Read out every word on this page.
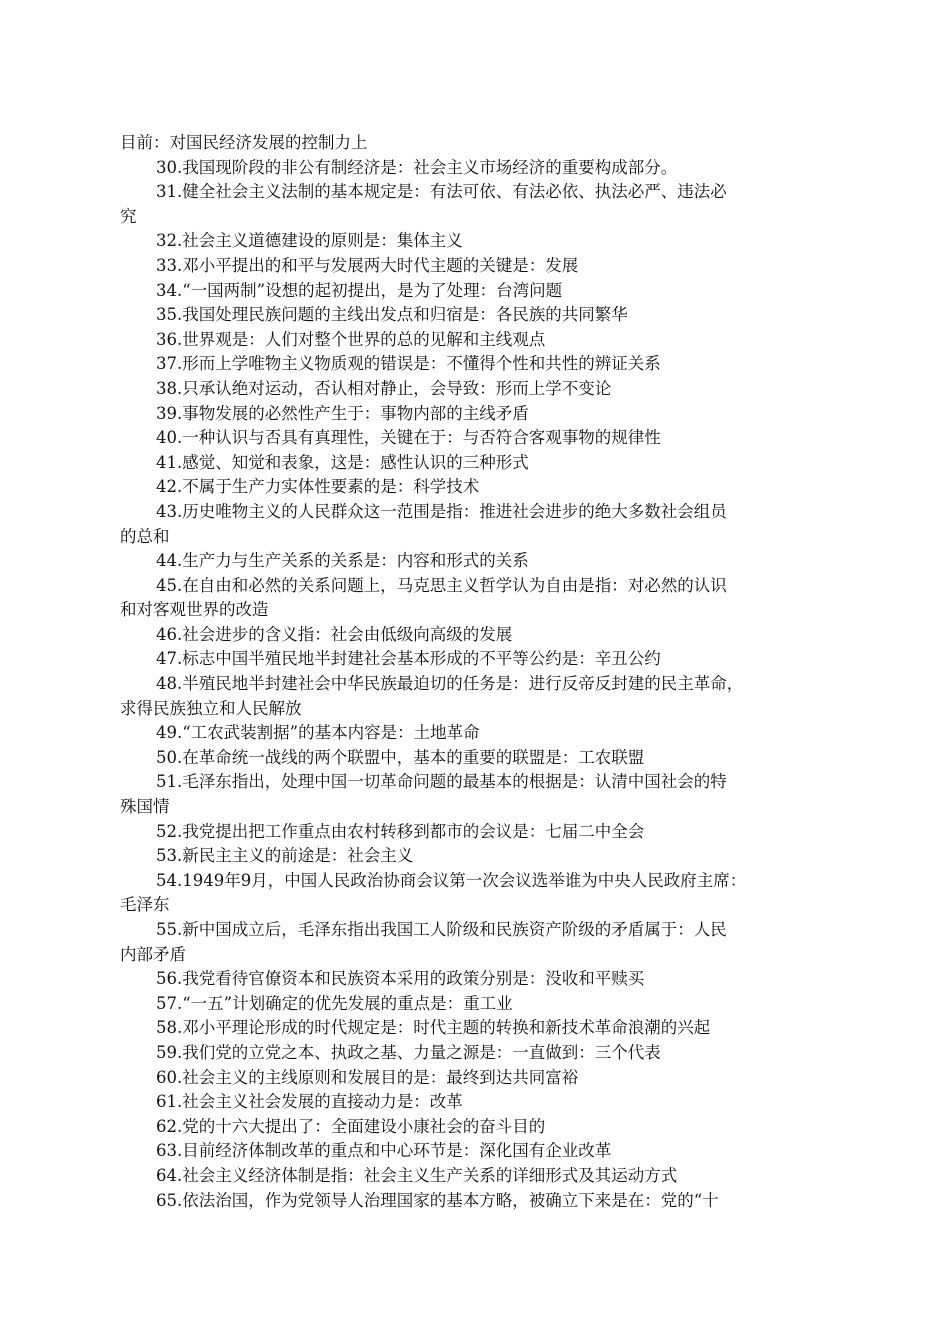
目前：对国民经济发展的控制力上
30.我国现阶段的非公有制经济是：社会主义市场经济的重要构成部分。
31.健全社会主义法制的基本规定是：有法可依、有法必依、执法必严、违法必
究
32.社会主义道德建设的原则是：集体主义
33.邓小平提出的和平与发展两大时代主题的关键是：发展
34.“一国两制”设想的起初提出，是为了处理：台湾问题
35.我国处理民族问题的主线出发点和归宿是：各民族的共同繁华
36.世界观是：人们对整个世界的总的见解和主线观点
37.形而上学唯物主义物质观的错误是：不懂得个性和共性的辨证关系
38.只承认绝对运动，否认相对静止，会导致：形而上学不变论
39.事物发展的必然性产生于：事物内部的主线矛盾
40.一种认识与否具有真理性，关键在于：与否符合客观事物的规律性
41.感觉、知觉和表象，这是：感性认识的三种形式
42.不属于生产力实体性要素的是：科学技术
43.历史唯物主义的人民群众这一范围是指：推进社会进步的绝大多数社会组员
的总和
44.生产力与生产关系的关系是：内容和形式的关系
45.在自由和必然的关系问题上，马克思主义哲学认为自由是指：对必然的认识
和对客观世界的改造
46.社会进步的含义指：社会由低级向高级的发展
47.标志中国半殖民地半封建社会基本形成的不平等公约是：辛丑公约
48.半殖民地半封建社会中华民族最迫切的任务是：进行反帝反封建的民主革命，
求得民族独立和人民解放
49.“工农武装割据”的基本内容是：土地革命
50.在革命统一战线的两个联盟中，基本的重要的联盟是：工农联盟
51.毛泽东指出，处理中国一切革命问题的最基本的根据是：认清中国社会的特
殊国情
52.我党提出把工作重点由农村转移到都市的会议是：七届二中全会
53.新民主主义的前途是：社会主义
54.1949年9月，中国人民政治协商会议第一次会议选举谁为中央人民政府主席：
毛泽东
55.新中国成立后，毛泽东指出我国工人阶级和民族资产阶级的矛盾属于：人民
内部矛盾
56.我党看待官僚资本和民族资本采用的政策分别是：没收和平赎买
57.“一五”计划确定的优先发展的重点是：重工业
58.邓小平理论形成的时代规定是：时代主题的转换和新技术革命浪潮的兴起
59.我们党的立党之本、执政之基、力量之源是：一直做到：三个代表
60.社会主义的主线原则和发展目的是：最终到达共同富裕
61.社会主义社会发展的直接动力是：改革
62.党的十六大提出了：全面建设小康社会的奋斗目的
63.目前经济体制改革的重点和中心环节是：深化国有企业改革
64.社会主义经济体制是指：社会主义生产关系的详细形式及其运动方式
65.依法治国，作为党领导人治理国家的基本方略，被确立下来是在：党的“十
